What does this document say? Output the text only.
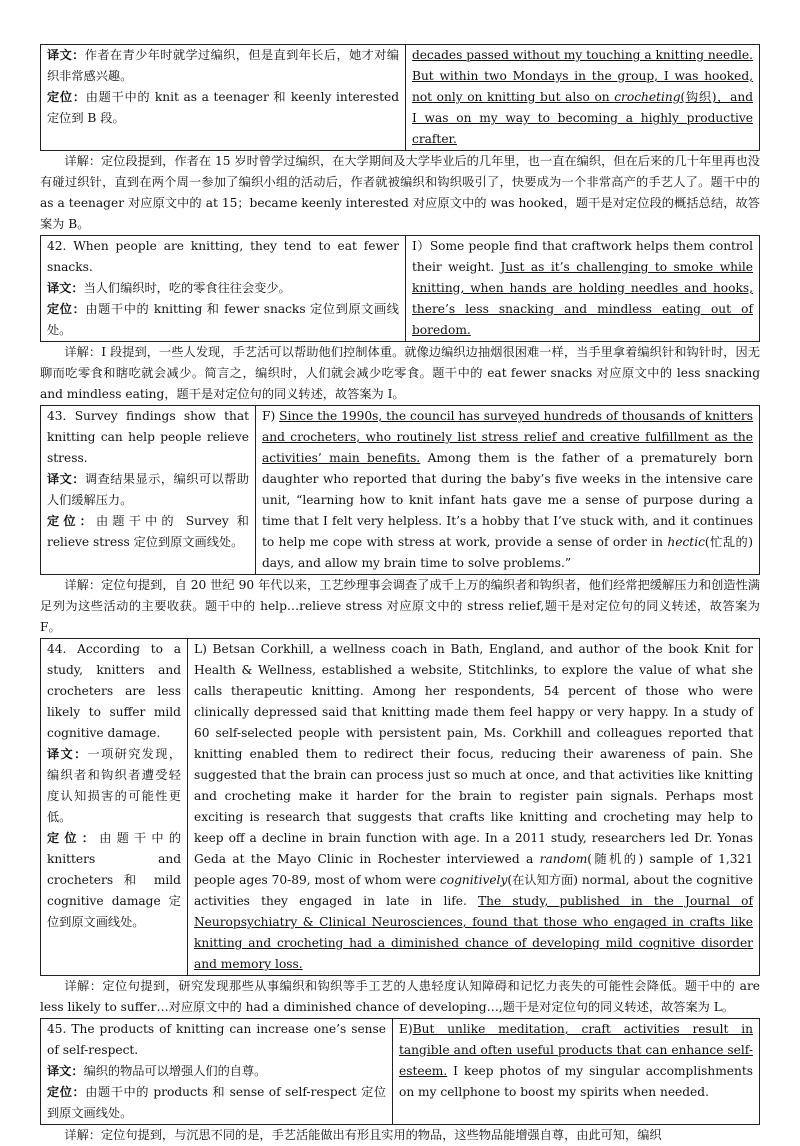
译文：作者在青少年时就学过编织，但是直到年长后，她才对编织非常感兴趣。
定位：由题干中的 knit as a teenager 和 keenly interested 定位到 B 段。
	decades passed without my touching a knitting needle. But within two Mondays in the group, I was hooked, not only on knitting but also on crocheting(钩织)，and I was on my way to becoming a highly productive crafter.

详解：定位段提到，作者在 15 岁时曾学过编织，在大学期间及大学毕业后的几年里，也一直在编织，但在后来的几十年里再也没有碰过织针，直到在两个周一参加了编织小组的活动后，作者就被编织和钩织吸引了，快要成为一个非常高产的手艺人了。题干中的 as a teenager 对应原文中的 at 15；became keenly interested 对应原文中的 was hooked，题干是对定位段的概括总结，故答案为 B。

42. When people are knitting, they tend to eat fewer snacks.
译文：当人们编织时，吃的零食往往会变少。
定位：由题干中的 knitting 和 fewer snacks 定位到原文画线处。
	I）Some people find that craftwork helps them control their weight. Just as it’s challenging to smoke while knitting, when hands are holding needles and hooks, there’s less snacking and mindless eating out of boredom.

详解：I 段提到，一些人发现，手艺活可以帮助他们控制体重。就像边编织边抽烟很困难一样，当手里拿着编织针和钩针时，因无聊而吃零食和瞎吃就会减少。简言之，编织时，人们就会减少吃零食。题干中的 eat fewer snacks 对应原文中的 less snacking and mindless eating，题干是对定位句的同义转述，故答案为 I。

43. Survey findings show that knitting can help people relieve stress.
译文：调查结果显示，编织可以帮助人们缓解压力。
定位：由题干中的 Survey 和 relieve stress 定位到原文画线处。
	F) Since the 1990s, the council has surveyed hundreds of thousands of knitters and crocheters, who routinely list stress relief and creative fulfillment as the activities’ main benefits. Among them is the father of a prematurely born daughter who reported that during the baby’s five weeks in the intensive care unit, “learning how to knit infant hats gave me a sense of purpose during a time that I felt very helpless. It’s a hobby that I’ve stuck with, and it continues to help me cope with stress at work, provide a sense of order in hectic(忙乱的) days, and allow my brain time to solve problems.”

详解：定位句提到，自 20 世纪 90 年代以来，工艺纱理事会调查了成千上万的编织者和钩织者，他们经常把缓解压力和创造性满足列为这些活动的主要收获。题干中的 help…relieve stress 对应原文中的 stress relief,题干是对定位句的同义转述，故答案为 F。

44. According to a study, knitters and crocheters are less likely to suffer mild cognitive damage.
译文：一项研究发现，编织者和钩织者遭受轻度认知损害的可能性更低。
定位：由题干中的 knitters and crocheters 和 mild cognitive damage 定位到原文画线处。
	L) Betsan Corkhill, a wellness coach in Bath, England, and author of the book Knit for Health & Wellness, established a website, Stitchlinks, to explore the value of what she calls therapeutic knitting. Among her respondents, 54 percent of those who were clinically depressed said that knitting made them feel happy or very happy. In a study of 60 self-selected people with persistent pain, Ms. Corkhill and colleagues reported that knitting enabled them to redirect their focus, reducing their awareness of pain. She suggested that the brain can process just so much at once, and that activities like knitting and crocheting make it harder for the brain to register pain signals. Perhaps most exciting is research that suggests that crafts like knitting and crocheting may help to keep off a decline in brain function with age. In a 2011 study, researchers led Dr. Yonas Geda at the Mayo Clinic in Rochester interviewed a random(随机的) sample of 1,321 people ages 70-89, most of whom were cognitively(在认知方面) normal, about the cognitive activities they engaged in late in life. The study, published in the Journal of Neuropsychiatry & Clinical Neurosciences, found that those who engaged in crafts like knitting and crocheting had a diminished chance of developing mild cognitive disorder and memory loss.

详解：定位句提到，研究发现那些从事编织和钩织等手工艺的人患轻度认知障碍和记忆力丧失的可能性会降低。题干中的 are less likely to suffer…对应原文中的 had a diminished chance of developing…,题干是对定位句的同义转述，故答案为 L。

45. The products of knitting can increase one’s sense of self-respect.
译文：编织的物品可以增强人们的自尊。
定位：由题干中的 products 和 sense of self-respect 定位到原文画线处。
	E)But unlike meditation, craft activities result in tangible and often useful products that can enhance self-esteem. I keep photos of my singular accomplishments on my cellphone to boost my spirits when needed.

详解：定位句提到，与沉思不同的是，手艺活能做出有形且实用的物品，这些物品能增强自尊，由此可知，编织
